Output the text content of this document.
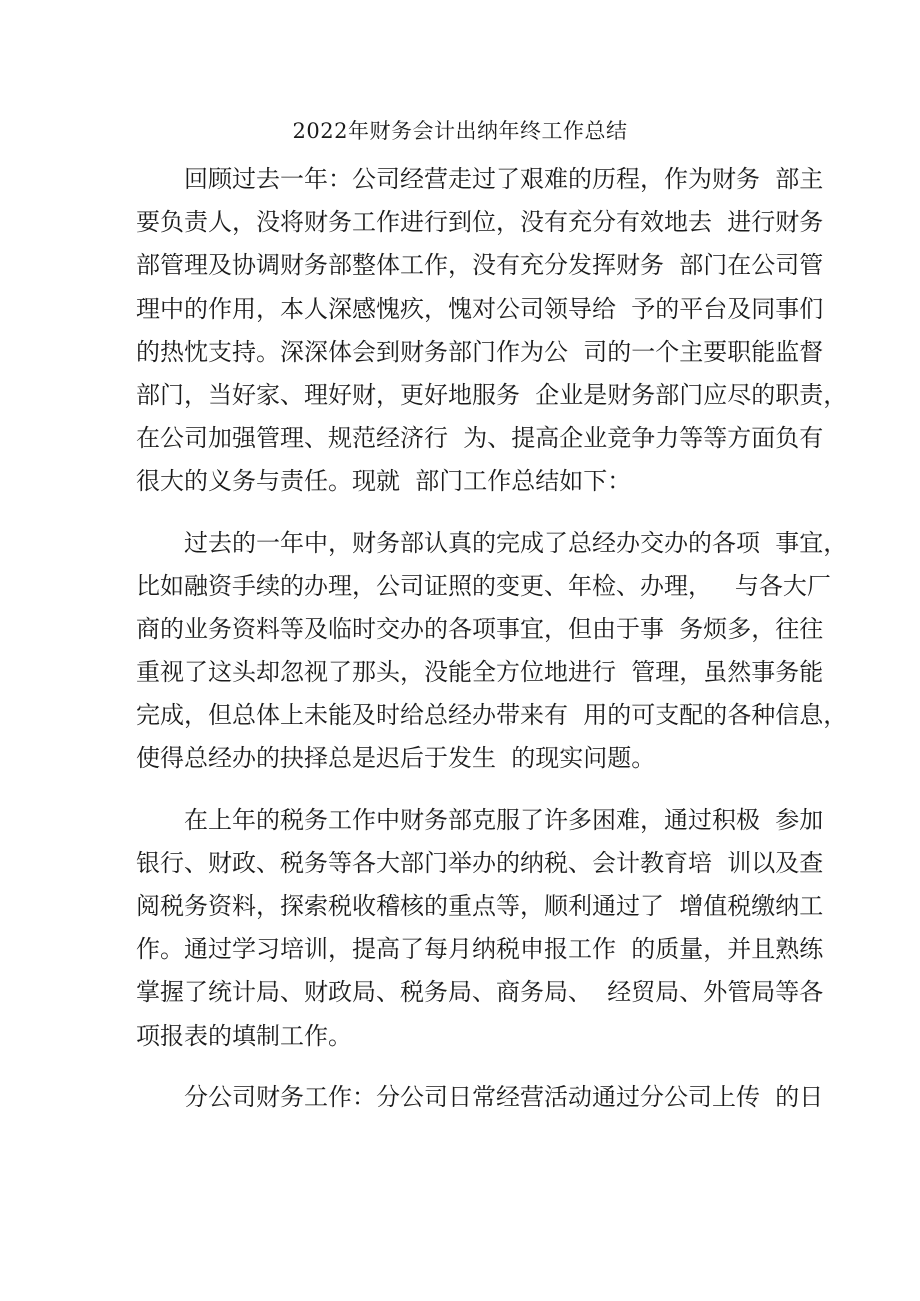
2022年财务会计出纳年终工作总结
回顾过去一年：公司经营走过了艰难的历程，作为财务  部主
要负责人，没将财务工作进行到位，没有充分有效地去  进行财务
部管理及协调财务部整体工作，没有充分发挥财务  部门在公司管
理中的作用，本人深感愧疚，愧对公司领导给  予的平台及同事们
的热忱支持。深深体会到财务部门作为公  司的一个主要职能监督
部门，当好家、理好财，更好地服务  企业是财务部门应尽的职责，
在公司加强管理、规范经济行  为、提高企业竞争力等等方面负有
很大的义务与责任。现就  部门工作总结如下：
过去的一年中，财务部认真的完成了总经办交办的各项  事宜，
比如融资手续的办理，公司证照的变更、年检、办理，   与各大厂
商的业务资料等及临时交办的各项事宜，但由于事  务烦多，往往
重视了这头却忽视了那头，没能全方位地进行  管理，虽然事务能
完成，但总体上未能及时给总经办带来有  用的可支配的各种信息，
使得总经办的抉择总是迟后于发生  的现实问题。
在上年的税务工作中财务部克服了许多困难，通过积极  参加
银行、财政、税务等各大部门举办的纳税、会计教育培  训以及查
阅税务资料，探索税收稽核的重点等，顺利通过了  增值税缴纳工
作。通过学习培训，提高了每月纳税申报工作  的质量，并且熟练
掌握了统计局、财政局、税务局、商务局、  经贸局、外管局等各
项报表的填制工作。
分公司财务工作：分公司日常经营活动通过分公司上传  的日
